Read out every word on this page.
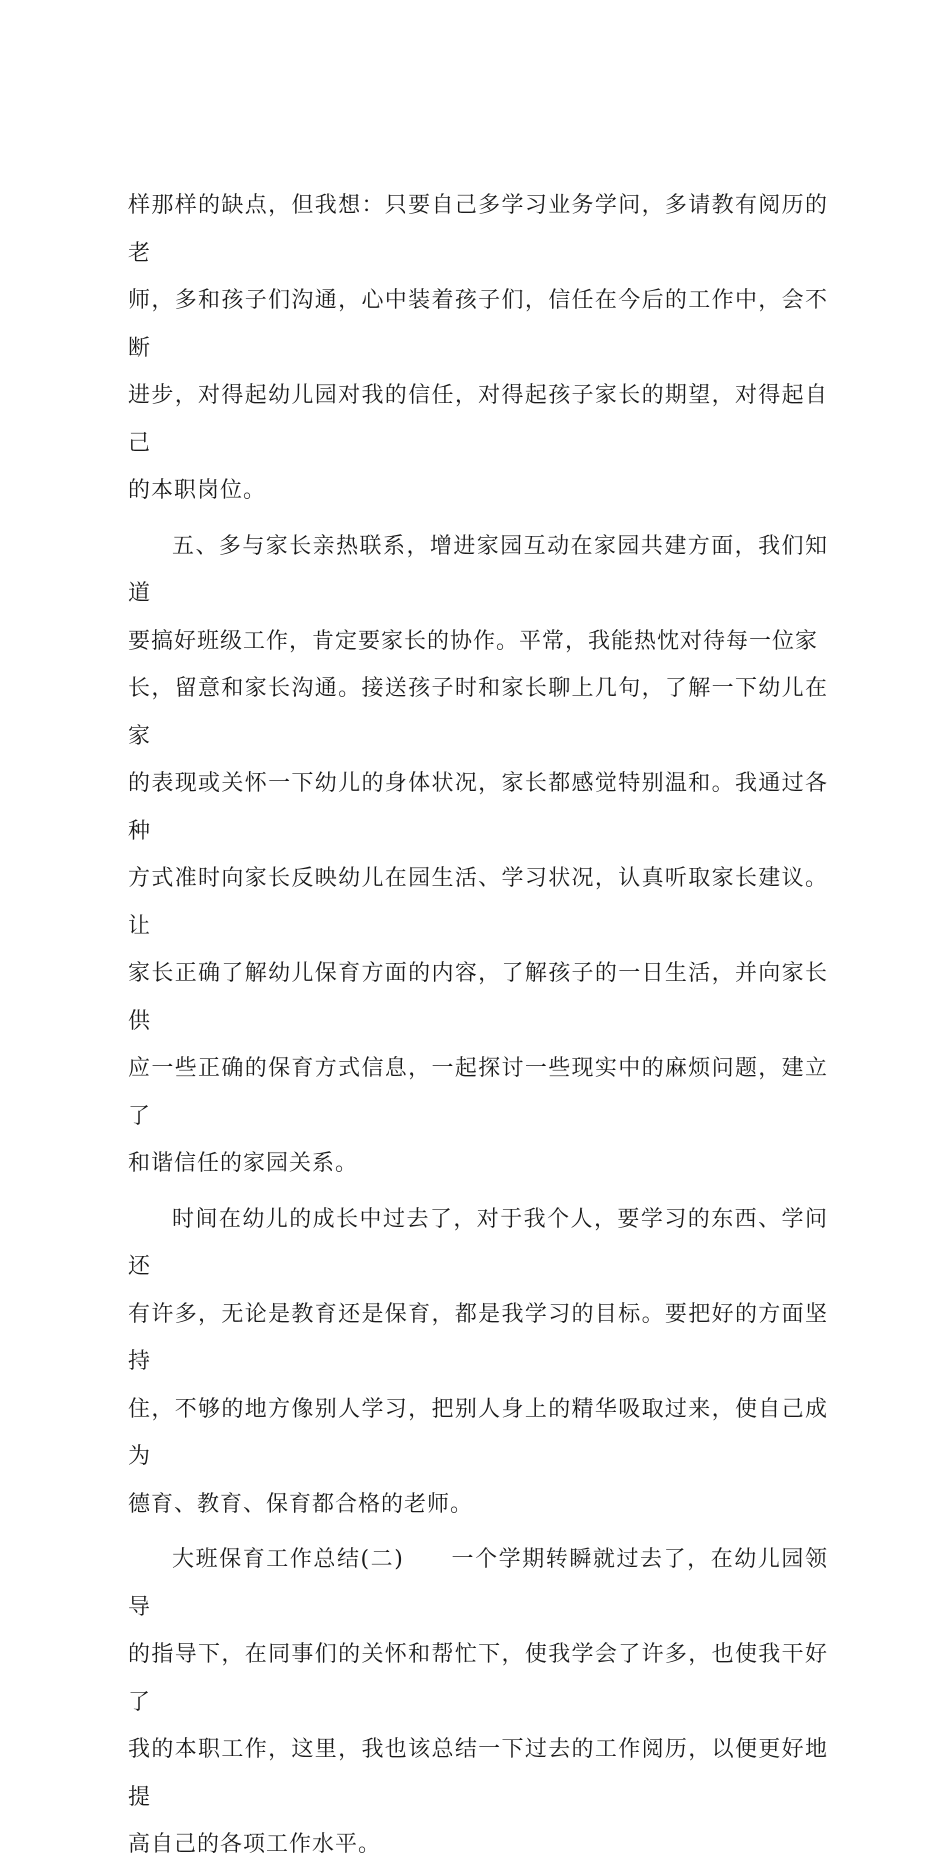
样那样的缺点，但我想：只要自己多学习业务学问，多请教有阅历的老
师，多和孩子们沟通，心中装着孩子们，信任在今后的工作中，会不断
进步，对得起幼儿园对我的信任，对得起孩子家长的期望，对得起自己
的本职岗位。
五、多与家长亲热联系，增进家园互动在家园共建方面，我们知道
要搞好班级工作，肯定要家长的协作。平常，我能热忱对待每一位家
长，留意和家长沟通。接送孩子时和家长聊上几句，了解一下幼儿在家
的表现或关怀一下幼儿的身体状况，家长都感觉特别温和。我通过各种
方式准时向家长反映幼儿在园生活、学习状况，认真听取家长建议。让
家长正确了解幼儿保育方面的内容，了解孩子的一日生活，并向家长供
应一些正确的保育方式信息，一起探讨一些现实中的麻烦问题，建立了
和谐信任的家园关系。
时间在幼儿的成长中过去了，对于我个人，要学习的东西、学问还
有许多，无论是教育还是保育，都是我学习的目标。要把好的方面坚持
住，不够的地方像别人学习，把别人身上的精华吸取过来，使自己成为
德育、教育、保育都合格的老师。
大班保育工作总结(二)　　一个学期转瞬就过去了，在幼儿园领导
的指导下，在同事们的关怀和帮忙下，使我学会了许多，也使我干好了
我的本职工作，这里，我也该总结一下过去的工作阅历，以便更好地提
高自己的各项工作水平。
